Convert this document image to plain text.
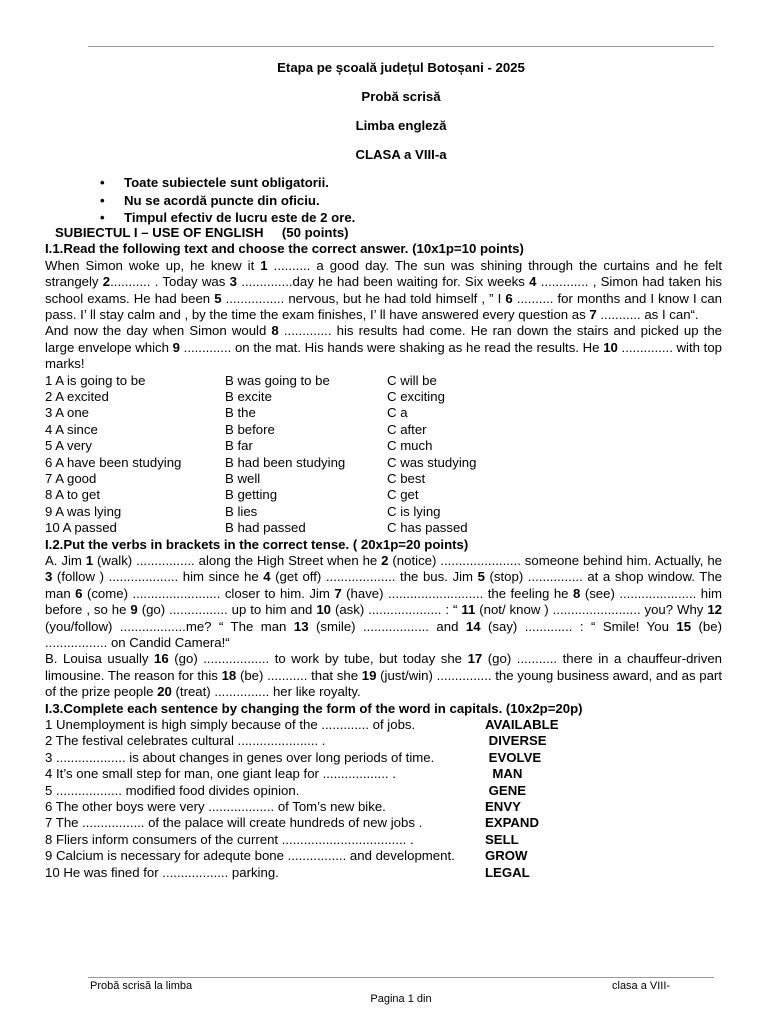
Etapa pe școală județul Botoșani - 2025
Probă scrisă
Limba engleză
CLASA a VIII-a
• Toate subiectele sunt obligatorii.
• Nu se acordă puncte din oficiu.
• Timpul efectiv de lucru este de 2 ore.

SUBIECTUL I – USE OF ENGLISH     (50 points)

I.1.Read the following text and choose the correct answer. (10x1p=10 points)

When Simon woke up, he knew it 1 .......... a good day. The sun was shining through the curtains and he felt strangely 2........... . Today was 3 ..............day he had been waiting for. Six weeks 4 ............. , Simon had taken his school exams. He had been 5 ................ nervous, but he had told himself , ” I 6 .......... for months and I know I can pass. I’ ll stay calm and , by the time the exam finishes, I’ ll have answered every question as 7 ........... as I can“.

And now the day when Simon would 8 ............. his results had come. He ran down the stairs and picked up the large envelope which 9 ............. on the mat. His hands were shaking as he read the results. He 10 .............. with top marks!

1 A is going to be	B was going to be	C will be
2 A excited	B excite	C exciting
3 A one	B the	C a
4 A since	B before	C after
5 A very	B far	C much
6 A have been studying	B had been studying	C was studying
7 A good	B well	C best
8 A to get	B getting	C get
9 A was lying	B lies	C is lying
10 A passed	B had passed	C has passed

I.2.Put the verbs in brackets in the correct tense. ( 20x1p=20 points)

A. Jim 1 (walk) ................ along the High Street when he 2 (notice) ...................... someone behind him. Actually, he 3 (follow ) ................... him since he 4 (get off) ................... the bus. Jim 5 (stop) ............... at a shop window. The man 6 (come) ........................ closer to him. Jim 7 (have) .......................... the feeling he 8 (see) ..................... him before , so he 9 (go) ................ up to him and 10 (ask) .................... : “ 11 (not/ know ) ........................ you? Why 12 (you/follow) ..................me? “ The man 13 (smile) .................. and 14 (say) ............. : “ Smile! You 15 (be) ................. on Candid Camera!“

B. Louisa usually 16 (go) .................. to work by tube, but today she 17 (go) ........... there in a chauffeur-driven limousine. The reason for this 18 (be) ........... that she 19 (just/win) ............... the young business award, and as part of the prize people 20 (treat) ............... her like royalty.

I.3.Complete each sentence by changing the form of the word in capitals. (10x2p=20p)

1 Unemployment is high simply because of the ............. of jobs.	AVAILABLE
2 The festival celebrates cultural ...................... .	DIVERSE
3 ................... is about changes in genes over long periods of time.	EVOLVE
4 It’s one small step for man, one giant leap for .................. .	MAN
5 .................. modified food divides opinion.	GENE
6 The other boys were very .................. of Tom’s new bike.	ENVY
7 The ................. of the palace will create hundreds of new jobs .	EXPAND
8 Fliers inform consumers of the current .................................. .	SELL
9 Calcium is necessary for adequte bone ................ and development.	GROW
10 He was fined for .................. parking.	LEGAL
Probă scrisă la limba	clasa a VIII-
Pagina 1 din
